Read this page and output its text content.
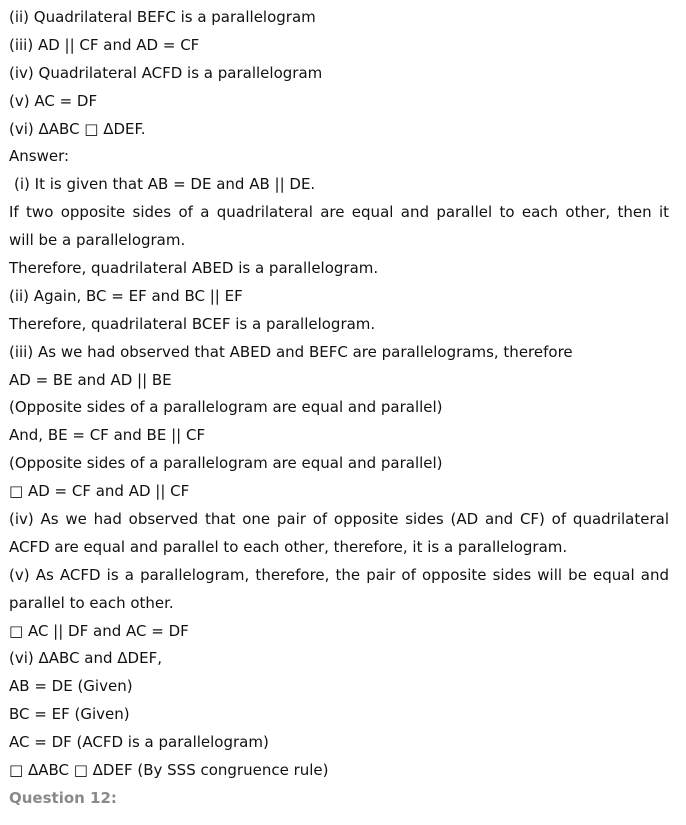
(ii) Quadrilateral BEFC is a parallelogram
(iii) AD || CF and AD = CF
(iv) Quadrilateral ACFD is a parallelogram
(v) AC = DF
(vi) ΔABC □ ΔDEF.
Answer:
(i) It is given that AB = DE and AB || DE.
If two opposite sides of a quadrilateral are equal and parallel to each other, then it
will be a parallelogram.
Therefore, quadrilateral ABED is a parallelogram.
(ii) Again, BC = EF and BC || EF
Therefore, quadrilateral BCEF is a parallelogram.
(iii) As we had observed that ABED and BEFC are parallelograms, therefore
AD = BE and AD || BE
(Opposite sides of a parallelogram are equal and parallel)
And, BE = CF and BE || CF
(Opposite sides of a parallelogram are equal and parallel)
□ AD = CF and AD || CF
(iv) As we had observed that one pair of opposite sides (AD and CF) of quadrilateral
ACFD are equal and parallel to each other, therefore, it is a parallelogram.
(v) As ACFD is a parallelogram, therefore, the pair of opposite sides will be equal and
parallel to each other.
□ AC || DF and AC = DF
(vi) ΔABC and ΔDEF,
AB = DE (Given)
BC = EF (Given)
AC = DF (ACFD is a parallelogram)
□ ΔABC □ ΔDEF (By SSS congruence rule)
Question 12:
